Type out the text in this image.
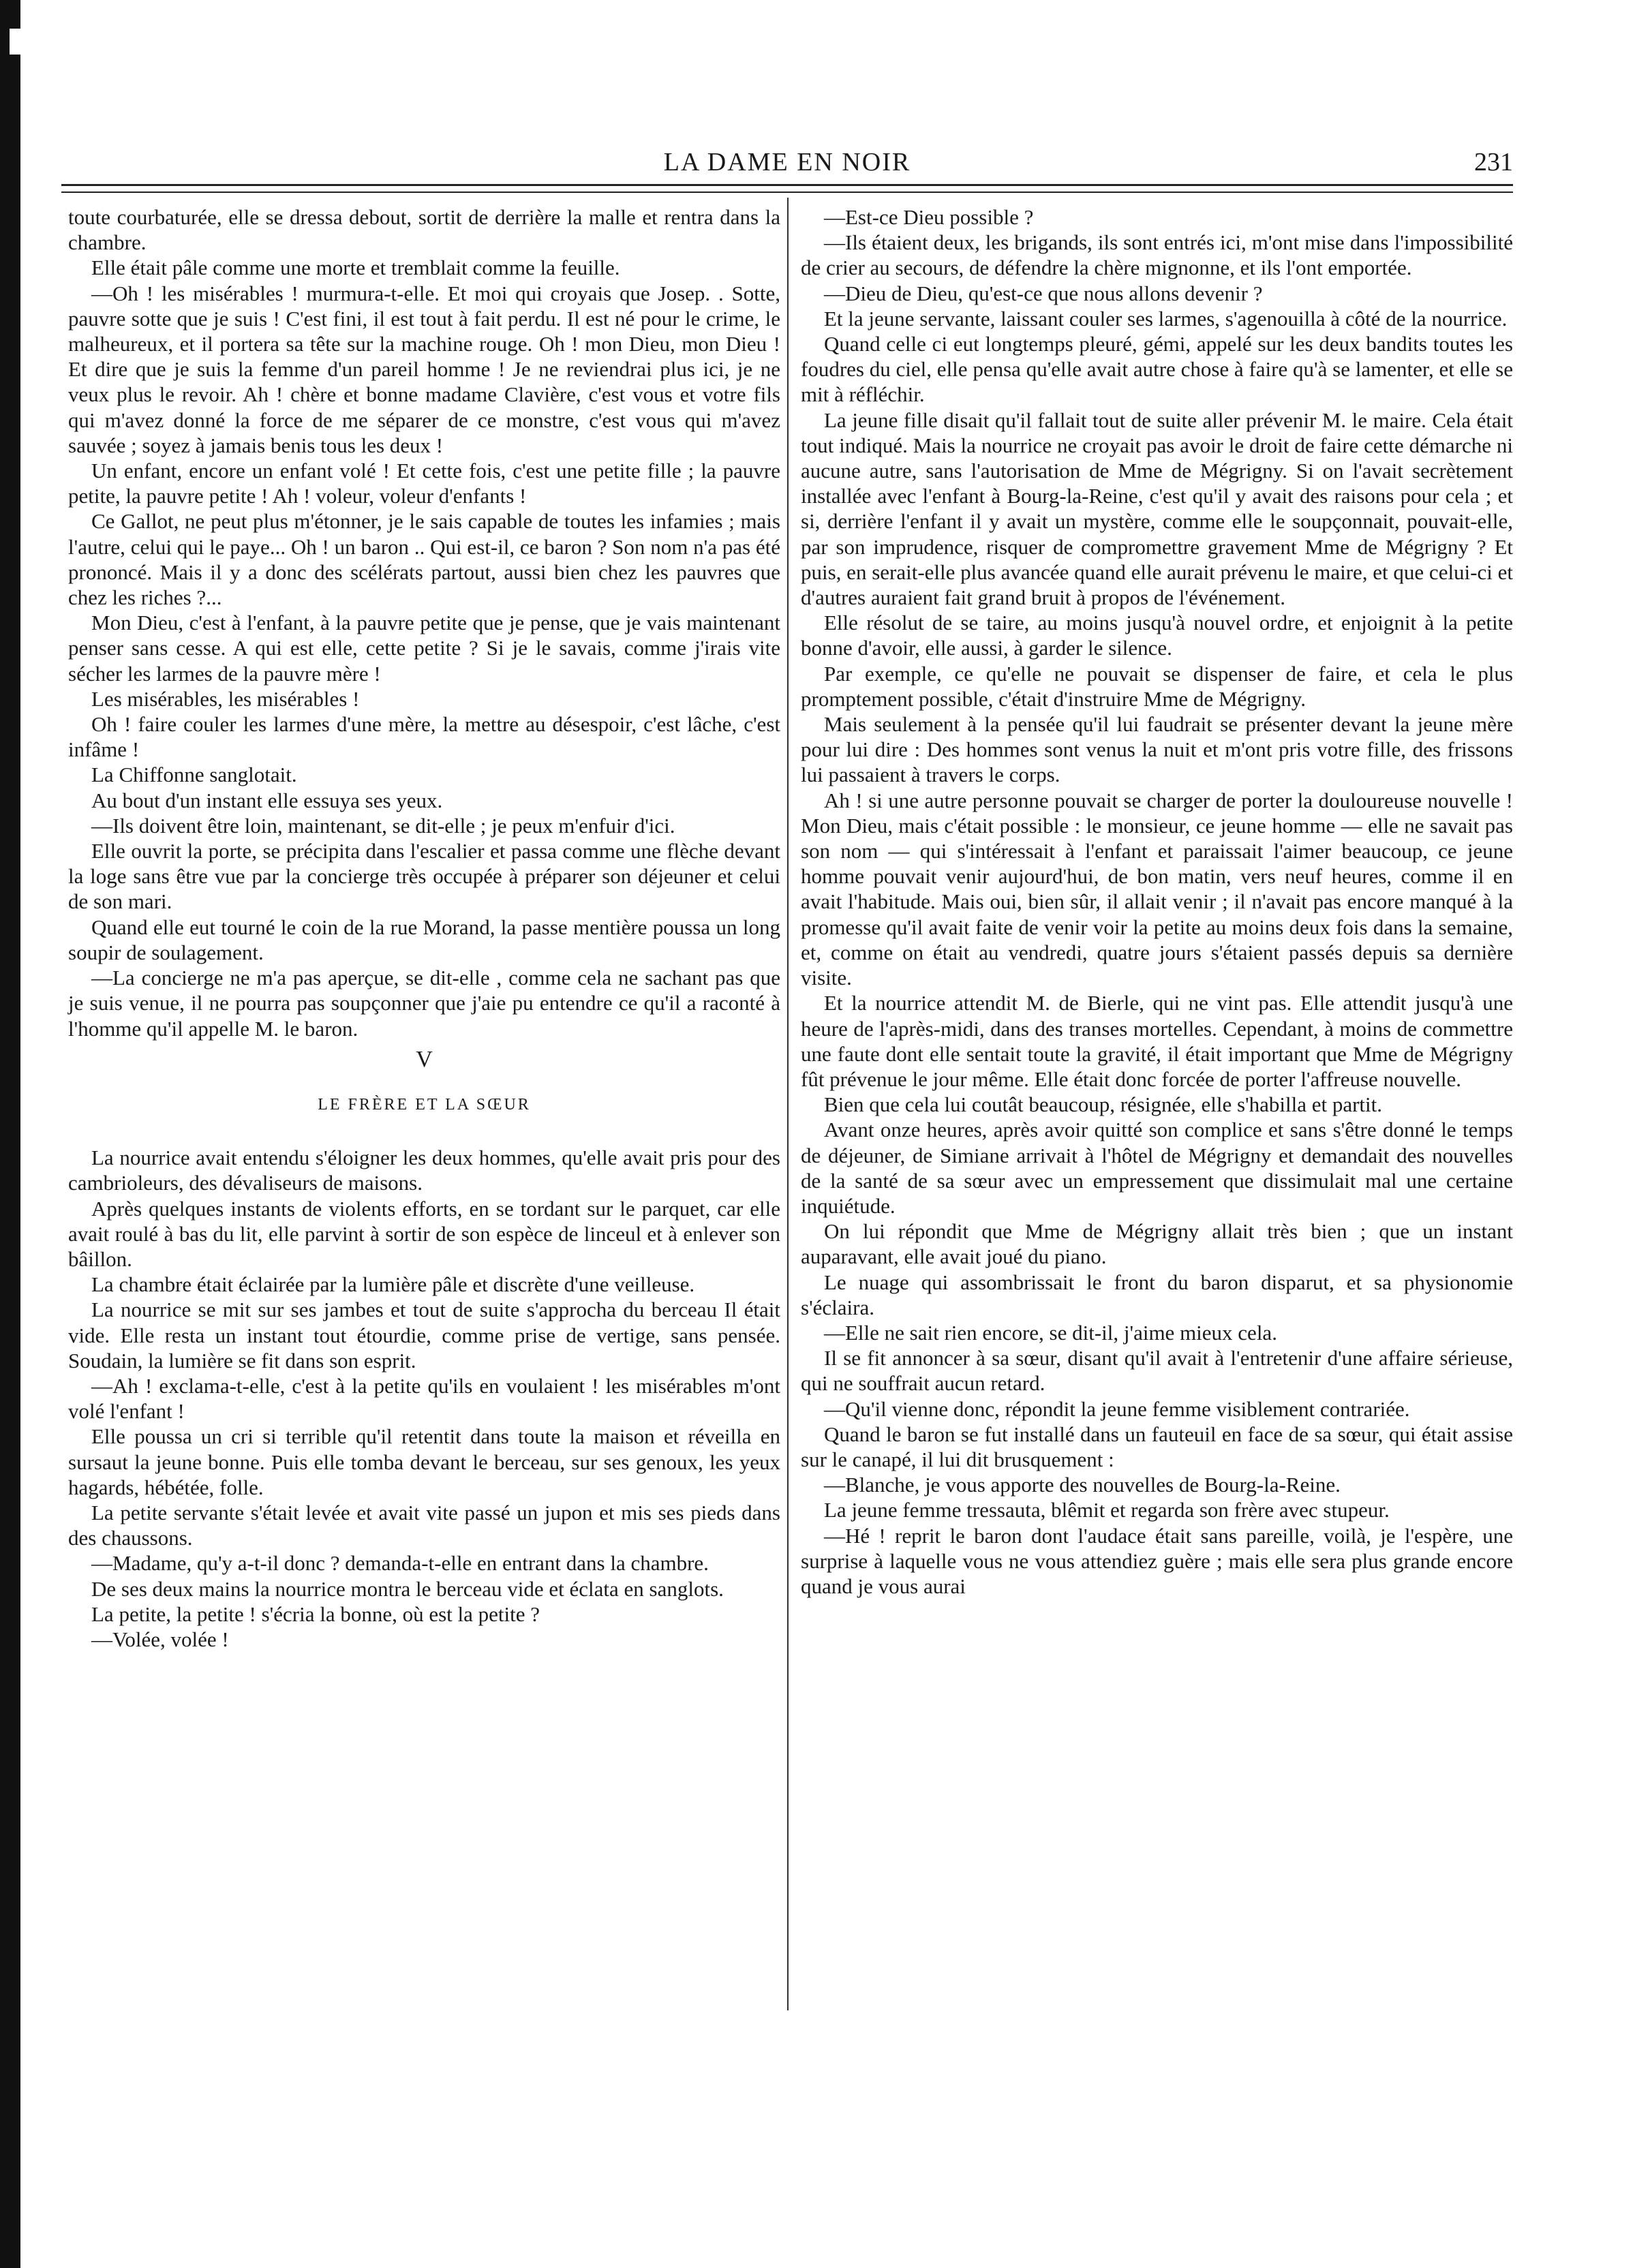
LA DAME EN NOIR	231

toute courbaturée, elle se dressa debout, sortit de derrière la malle et rentra dans la chambre.

Elle était pâle comme une morte et tremblait comme la feuille.

—Oh ! les misérables ! murmura-t-elle. Et moi qui croyais que Josep. . Sotte, pauvre sotte que je suis ! C'est fini, il est tout à fait perdu. Il est né pour le crime, le malheureux, et il portera sa tête sur la machine rouge. Oh ! mon Dieu, mon Dieu ! Et dire que je suis la femme d'un pareil homme ! Je ne reviendrai plus ici, je ne veux plus le revoir. Ah ! chère et bonne madame Clavière, c'est vous et votre fils qui m'avez donné la force de me séparer de ce monstre, c'est vous qui m'avez sauvée ; soyez à jamais benis tous les deux !

Un enfant, encore un enfant volé ! Et cette fois, c'est une petite fille ; la pauvre petite, la pauvre petite ! Ah ! voleur, voleur d'enfants !

Ce Gallot, ne peut plus m'étonner, je le sais capable de toutes les infamies ; mais l'autre, celui qui le paye... Oh ! un baron .. Qui est-il, ce baron ? Son nom n'a pas été prononcé. Mais il y a donc des scélérats partout, aussi bien chez les pauvres que chez les riches ?...

Mon Dieu, c'est à l'enfant, à la pauvre petite que je pense, que je vais maintenant penser sans cesse. A qui est elle, cette petite ? Si je le savais, comme j'irais vite sécher les larmes de la pauvre mère !

Les misérables, les misérables !

Oh ! faire couler les larmes d'une mère, la mettre au désespoir, c'est lâche, c'est infâme !

La Chiffonne sanglotait.

Au bout d'un instant elle essuya ses yeux.

—Ils doivent être loin, maintenant, se dit-elle ; je peux m'enfuir d'ici.

Elle ouvrit la porte, se précipita dans l'escalier et passa comme une flèche devant la loge sans être vue par la concierge très occupée à préparer son déjeuner et celui de son mari.

Quand elle eut tourné le coin de la rue Morand, la passe mentière poussa un long soupir de soulagement.

—La concierge ne m'a pas aperçue, se dit-elle , comme cela ne sachant pas que je suis venue, il ne pourra pas soupçonner que j'aie pu entendre ce qu'il a raconté à l'homme qu'il appelle M. le baron.

V
LE FRÈRE ET LA SŒUR

La nourrice avait entendu s'éloigner les deux hommes, qu'elle avait pris pour des cambrioleurs, des dévaliseurs de maisons.

Après quelques instants de violents efforts, en se tordant sur le parquet, car elle avait roulé à bas du lit, elle parvint à sortir de son espèce de linceul et à enlever son bâillon.

La chambre était éclairée par la lumière pâle et discrète d'une veilleuse.

La nourrice se mit sur ses jambes et tout de suite s'approcha du berceau Il était vide. Elle resta un instant tout étourdie, comme prise de vertige, sans pensée. Soudain, la lumière se fit dans son esprit.

—Ah ! exclama-t-elle, c'est à la petite qu'ils en voulaient ! les misérables m'ont volé l'enfant !

Elle poussa un cri si terrible qu'il retentit dans toute la maison et réveilla en sursaut la jeune bonne. Puis elle tomba devant le berceau, sur ses genoux, les yeux hagards, hébétée, folle.

La petite servante s'était levée et avait vite passé un jupon et mis ses pieds dans des chaussons.

—Madame, qu'y a-t-il donc ? demanda-t-elle en entrant dans la chambre.

De ses deux mains la nourrice montra le berceau vide et éclata en sanglots.

La petite, la petite ! s'écria la bonne, où est la petite ?

—Volée, volée !

—Est-ce Dieu possible ?

—Ils étaient deux, les brigands, ils sont entrés ici, m'ont mise dans l'impossibilité de crier au secours, de défendre la chère mignonne, et ils l'ont emportée.

—Dieu de Dieu, qu'est-ce que nous allons devenir ?

Et la jeune servante, laissant couler ses larmes, s'agenouilla à côté de la nourrice.

Quand celle ci eut longtemps pleuré, gémi, appelé sur les deux bandits toutes les foudres du ciel, elle pensa qu'elle avait autre chose à faire qu'à se lamenter, et elle se mit à réfléchir.

La jeune fille disait qu'il fallait tout de suite aller prévenir M. le maire. Cela était tout indiqué. Mais la nourrice ne croyait pas avoir le droit de faire cette démarche ni aucune autre, sans l'autorisation de Mme de Mégrigny. Si on l'avait secrètement installée avec l'enfant à Bourg-la-Reine, c'est qu'il y avait des raisons pour cela ; et si, derrière l'enfant il y avait un mystère, comme elle le soupçonnait, pouvait-elle, par son imprudence, risquer de compromettre gravement Mme de Mégrigny ? Et puis, en serait-elle plus avancée quand elle aurait prévenu le maire, et que celui-ci et d'autres auraient fait grand bruit à propos de l'événement.

Elle résolut de se taire, au moins jusqu'à nouvel ordre, et enjoignit à la petite bonne d'avoir, elle aussi, à garder le silence.

Par exemple, ce qu'elle ne pouvait se dispenser de faire, et cela le plus promptement possible, c'était d'instruire Mme de Mégrigny.

Mais seulement à la pensée qu'il lui faudrait se présenter devant la jeune mère pour lui dire : Des hommes sont venus la nuit et m'ont pris votre fille, des frissons lui passaient à travers le corps.

Ah ! si une autre personne pouvait se charger de porter la douloureuse nouvelle ! Mon Dieu, mais c'était possible : le monsieur, ce jeune homme — elle ne savait pas son nom — qui s'intéressait à l'enfant et paraissait l'aimer beaucoup, ce jeune homme pouvait venir aujourd'hui, de bon matin, vers neuf heures, comme il en avait l'habitude. Mais oui, bien sûr, il allait venir ; il n'avait pas encore manqué à la promesse qu'il avait faite de venir voir la petite au moins deux fois dans la semaine, et, comme on était au vendredi, quatre jours s'étaient passés depuis sa dernière visite.

Et la nourrice attendit M. de Bierle, qui ne vint pas. Elle attendit jusqu'à une heure de l'après-midi, dans des transes mortelles. Cependant, à moins de commettre une faute dont elle sentait toute la gravité, il était important que Mme de Mégrigny fût prévenue le jour même. Elle était donc forcée de porter l'affreuse nouvelle.

Bien que cela lui coutât beaucoup, résignée, elle s'habilla et partit.

Avant onze heures, après avoir quitté son complice et sans s'être donné le temps de déjeuner, de Simiane arrivait à l'hôtel de Mégrigny et demandait des nouvelles de la santé de sa sœur avec un empressement que dissimulait mal une certaine inquiétude.

On lui répondit que Mme de Mégrigny allait très bien ; que un instant auparavant, elle avait joué du piano.

Le nuage qui assombrissait le front du baron disparut, et sa physionomie s'éclaira.

—Elle ne sait rien encore, se dit-il, j'aime mieux cela.

Il se fit annoncer à sa sœur, disant qu'il avait à l'entretenir d'une affaire sérieuse, qui ne souffrait aucun retard.

—Qu'il vienne donc, répondit la jeune femme visiblement contrariée.

Quand le baron se fut installé dans un fauteuil en face de sa sœur, qui était assise sur le canapé, il lui dit brusquement :

—Blanche, je vous apporte des nouvelles de Bourg-la-Reine.

La jeune femme tressauta, blêmit et regarda son frère avec stupeur.

—Hé ! reprit le baron dont l'audace était sans pareille, voilà, je l'espère, une surprise à laquelle vous ne vous attendiez guère ; mais elle sera plus grande encore quand je vous aurai
